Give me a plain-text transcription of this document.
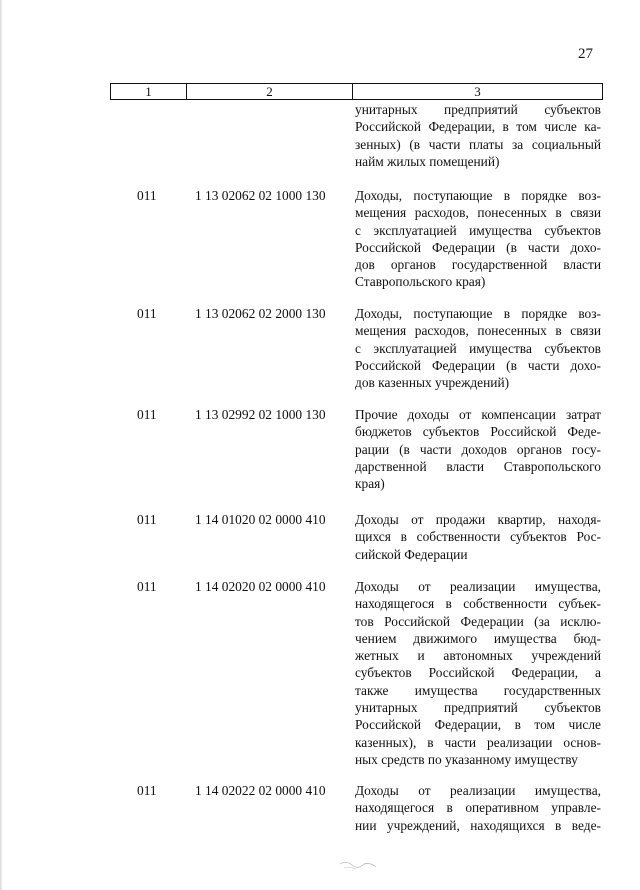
27
1	2	3
унитарных предприятий субъектов
Российской Федерации, в том числе ка-
зенных) (в части платы за социальный
найм жилых помещений)
011	1 13 02062 02 1000 130 Доходы, поступающие в порядке воз-
мещения расходов, понесенных в связи
с эксплуатацией имущества субъектов
Российской Федерации (в части дохо-
дов органов государственной власти
Ставропольского края)
011	1 13 02062 02 2000 130 Доходы, поступающие в порядке воз-
мещения расходов, понесенных в связи
с эксплуатацией имущества субъектов
Российской Федерации (в части дохо-
дов казенных учреждений)
011	1 13 02992 02 1000 130 Прочие доходы от компенсации затрат
бюджетов субъектов Российской Феде-
рации (в части доходов органов госу-
дарственной власти Ставропольского
края)
011	1 14 01020 02 0000 410 Доходы от продажи квартир, находя-
щихся в собственности субъектов Рос-
сийской Федерации
011	1 14 02020 02 0000 410 Доходы от реализации имущества,
находящегося в собственности субъек-
тов Российской Федерации (за исклю-
чением движимого имущества бюд-
жетных и автономных учреждений
субъектов Российской Федерации, а
также имущества государственных
унитарных предприятий субъектов
Российской Федерации, в том числе
казенных), в части реализации основ-
ных средств по указанному имуществу
011	1 14 02022 02 0000 410 Доходы от реализации имущества,
находящегося в оперативном управле-
нии учреждений, находящихся в веде-
